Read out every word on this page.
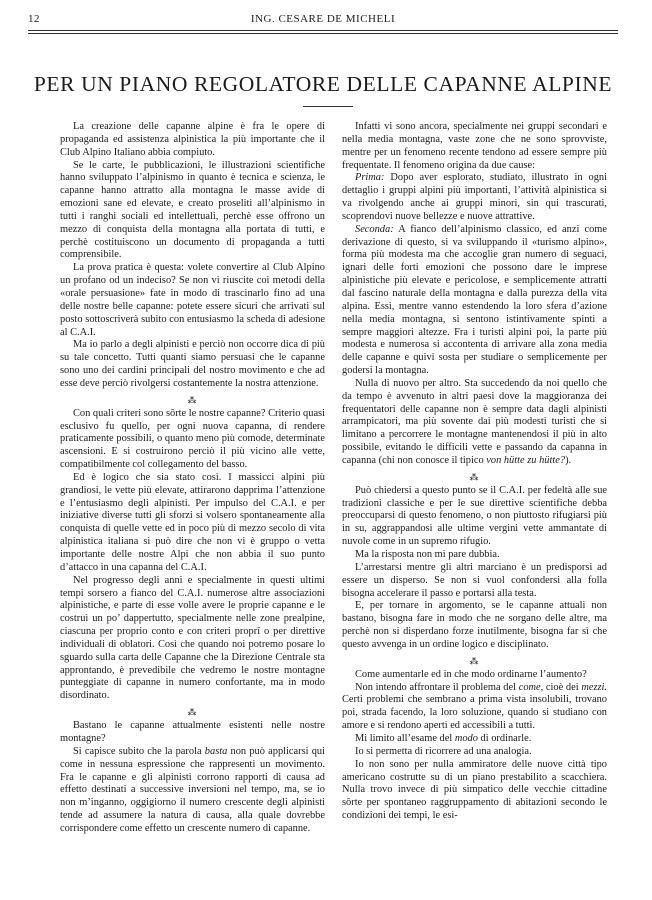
12	ING. CESARE DE MICHELI
PER UN PIANO REGOLATORE DELLE CAPANNE ALPINE

La creazione delle capanne alpine è fra le opere di propaganda ed assistenza alpinistica la più importante che il Club Alpino Italiano abbia compiuto.

Se le carte, le pubblicazioni, le illustrazioni scientifiche hanno sviluppato l’alpinismo in quanto è tecnica e scienza, le capanne hanno attratto alla montagna le masse avide di emozioni sane ed elevate, e creato proseliti all’alpinismo in tutti i ranghi sociali ed intellettuali, perchè esse offrono un mezzo di conquista della montagna alla portata di tutti, e perchè costituiscono un documento di propaganda a tutti comprensibile.

La prova pratica è questa: volete convertire al Club Alpino un profano od un indeciso? Se non vi riuscite coi metodi della «orale persuasione» fate in modo di trascinarlo fino ad una delle nostre belle capanne: potete essere sicuri che arrivati sul posto sottoscriverà subito con entusiasmo la scheda di adesione al C.A.I.

Ma io parlo a degli alpinisti e perciò non occorre dica di più su tale concetto. Tutti quanti siamo persuasi che le capanne sono uno dei cardini principali del nostro movimento e che ad esse deve perciò rivolgersi costantemente la nostra attenzione.

⁂

Con quali criteri sono sôrte le nostre capanne? Criterio quasi esclusivo fu quello, per ogni nuova capanna, di rendere praticamente possibili, o quanto meno più comode, determinate ascensioni. E si costruirono perciò il più vicino alle vette, compatibilmente col collegamento del basso.

Ed è logico che sia stato così. I massicci alpini più grandiosi, le vette più elevate, attirarono dapprima l’attenzione e l’entusiasmo degli alpinisti. Per impulso del C.A.I. e per iniziative diverse tutti gli sforzi si volsero spontaneamente alla conquista di quelle vette ed in poco più di mezzo secolo di vita alpinistica italiana si può dire che non vi è gruppo o vetta importante delle nostre Alpi che non abbia il suo punto d’attacco in una capanna del C.A.I.

Nel progresso degli anni e specialmente in questi ultimi tempi sorsero a fianco del C.A.I. numerose altre associazioni alpinistiche, e parte di esse volle avere le proprie capanne e le costruì un po’ dappertutto, specialmente nelle zone prealpine, ciascuna per proprio conto e con criteri proprî o per direttive individuali di oblatori. Così che quando noi potremo posare lo sguardo sulla carta delle Capanne che la Direzione Centrale sta approntando, è prevedibile che vedremo le nostre montagne punteggiate di capanne in numero confortante, ma in modo disordinato.

⁂

Bastano le capanne attualmente esistenti nelle nostre montagne?

Si capisce subito che la parola basta non può applicarsi qui come in nessuna espressione che rappresenti un movimento. Fra le capanne e gli alpinisti corrono rapporti di causa ad effetto destinati a successive inversioni nel tempo, ma, se io non m’inganno, oggigiorno il numero crescente degli alpinisti tende ad assumere la natura di causa, alla quale dovrebbe corrispondere come effetto un crescente numero di capanne.

Infatti vi sono ancora, specialmente nei gruppi secondari e nella media montagna, vaste zone che ne sono sprovviste, mentre per un fenomeno recente tendono ad essere sempre più frequentate. Il fenomeno origina da due cause:

Prima: Dopo aver esplorato, studiato, illustrato in ogni dettaglio i gruppi alpini più importanti, l’attività alpinistica si va rivolgendo anche ai gruppi minori, sin qui trascurati, scoprendovi nuove bellezze e nuove attrattive.

Seconda: A fianco dell’alpinismo classico, ed anzi come derivazione di questo, si va sviluppando il «turismo alpino», forma più modesta ma che accoglie gran numero di seguaci, ignari delle forti emozioni che possono dare le imprese alpinistiche più elevate e pericolose, e semplicemente attratti dal fascino naturale della montagna e dalla purezza della vita alpina. Essi, mentre vanno estendendo la loro sfera d’azione nella media montagna, si sentono istintivamente spinti a sempre maggiori altezze. Fra i turisti alpini poi, la parte più modesta e numerosa si accontenta di arrivare alla zona media delle capanne e quivi sosta per studiare o semplicemente per godersi la montagna.

Nulla di nuovo per altro. Sta succedendo da noi quello che da tempo è avvenuto in altri paesi dove la maggioranza dei frequentatori delle capanne non è sempre data dagli alpinisti arrampicatori, ma più sovente dai più modesti turisti che si limitano a percorrere le montagne mantenendosi il più in alto possibile, evitando le difficili vette e passando da capanna in capanna (chi non conosce il tipico von hütte zu hütte?).

⁂

Può chiedersi a questo punto se il C.A.I. per fedeltà alle sue tradizioni classiche e per le sue direttive scientifiche debba preoccuparsi di questo fenomeno, o non piuttosto rifugiarsi più in su, aggrappandosi alle ultime vergini vette ammantate di nuvole come in un supremo rifugio.

Ma la risposta non mi pare dubbia.

L’arrestarsi mentre gli altri marciano è un predisporsi ad essere un disperso. Se non si vuol confondersi alla folla bisogna accelerare il passo e portarsi alla testa.

E, per tornare in argomento, se le capanne attuali non bastano, bisogna fare in modo che ne sorgano delle altre, ma perchè non si disperdano forze inutilmente, bisogna far sì che questo avvenga in un ordine logico e disciplinato.

⁂

Come aumentarle ed in che modo ordinarne l’aumento?

Non intendo affrontare il problema del come, cioè dei mezzi. Certi problemi che sembrano a prima vista insolubili, trovano poi, strada facendo, la loro soluzione, quando si studiano con amore e si rendono aperti ed accessibili a tutti.

Mi limito all’esame del modo di ordinarle.

Io si permetta di ricorrere ad una analogia.

Io non sono per nulla ammiratore delle nuove città tipo americano costrutte su di un piano prestabilito a scacchiera. Nulla trovo invece di più simpatico delle vecchie cittadine sôrte per spontaneo raggruppamento di abitazioni secondo le condizioni dei tempi, le esi-
